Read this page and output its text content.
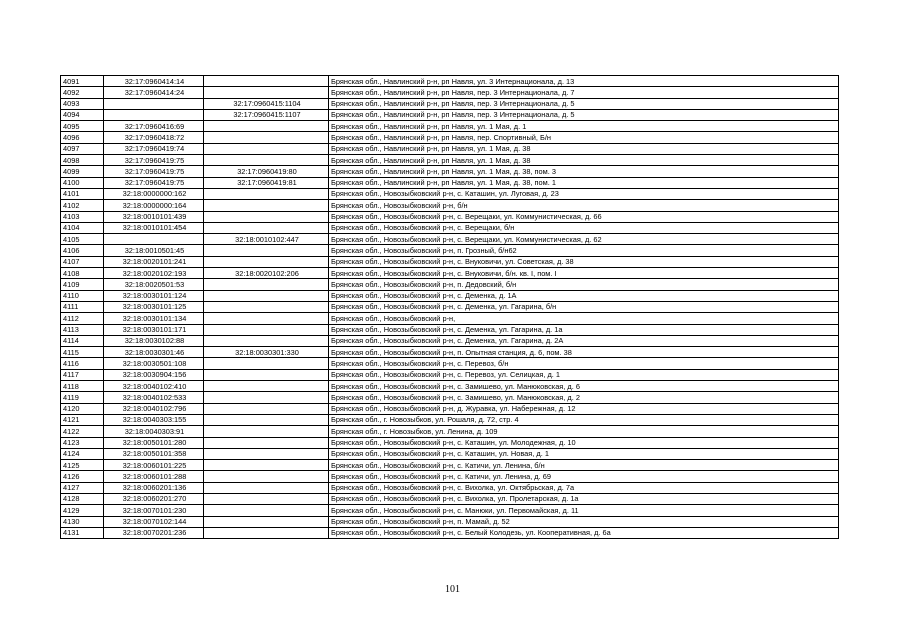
4091	32:17:0960414:14		Брянская обл., Навлинский р-н, рп Навля, ул. 3 Интернационала, д. 13
4092	32:17:0960414:24		Брянская обл., Навлинский р-н, рп Навля, пер. 3 Интернационала, д. 7
4093		32:17:0960415:1104	Брянская обл., Навлинский р-н, рп Навля, пер. 3 Интернационала, д. 5
4094		32:17:0960415:1107	Брянская обл., Навлинский р-н, рп Навля, пер. 3 Интернационала, д. 5
4095	32:17:0960416:69		Брянская обл., Навлинский р-н, рп Навля, ул. 1 Мая, д. 1
4096	32:17:0960418:72		Брянская обл., Навлинский р-н, рп Навля, пер. Спортивный, Б/н
4097	32:17:0960419:74		Брянская обл., Навлинский р-н, рп Навля, ул. 1 Мая, д. 38
4098	32:17:0960419:75		Брянская обл., Навлинский р-н, рп Навля, ул. 1 Мая, д. 38
4099	32:17:0960419:75	32:17:0960419:80	Брянская обл., Навлинский р-н, рп Навля, ул. 1 Мая, д. 38, пом. 3
4100	32:17:0960419:75	32:17:0960419:81	Брянская обл., Навлинский р-н, рп Навля, ул. 1 Мая, д. 38, пом. 1
4101	32:18:0000000:162		Брянская обл., Новозыбковский р-н, с. Каташин, ул. Луговая, д. 23
4102	32:18:0000000:164		Брянская обл., Новозыбковский р-н, б/н
4103	32:18:0010101:439		Брянская обл., Новозыбковский р-н, с. Верещаки, ул. Коммунистическая, д. 66
4104	32:18:0010101:454		Брянская обл., Новозыбковский р-н, с. Верещаки, б/н
4105		32:18:0010102:447	Брянская обл., Новозыбковский р-н, с. Верещаки, ул. Коммунистическая, д. 62
4106	32:18:0010501:45		Брянская обл., Новозыбковский р-н, п. Грозный, б/н62
4107	32:18:0020101:241		Брянская обл., Новозыбковский р-н, с. Внуковичи, ул. Советская, д. 38
4108	32:18:0020102:193	32:18:0020102:206	Брянская обл., Новозыбковский р-н, с. Внуковичи, б/н. кв. I, пом. I
4109	32:18:0020501:53		Брянская обл., Новозыбковский р-н, п. Дедовский, б/н
4110	32:18:0030101:124		Брянская обл., Новозыбковский р-н, с. Деменка, д. 1А
4111	32:18:0030101:125		Брянская обл., Новозыбковский р-н, с. Деменка, ул. Гагарина, б/н
4112	32:18:0030101:134		Брянская обл., Новозыбковский р-н,
4113	32:18:0030101:171		Брянская обл., Новозыбковский р-н, с. Деменка, ул. Гагарина, д. 1а
4114	32:18:0030102:88		Брянская обл., Новозыбковский р-н, с. Деменка, ул. Гагарина, д. 2А
4115	32:18:0030301:46	32:18:0030301:330	Брянская обл., Новозыбковский р-н, п. Опытная станция, д. 6, пом. 38
4116	32:18:0030501:108		Брянская обл., Новозыбковский р-н, с. Перевоз, б/н
4117	32:18:0030904:156		Брянская обл., Новозыбковский р-н, с. Перевоз, ул. Селицкая, д. 1
4118	32:18:0040102:410		Брянская обл., Новозыбковский р-н, с. Замишево, ул. Манюковская, д. 6
4119	32:18:0040102:533		Брянская обл., Новозыбковский р-н, с. Замишево, ул. Манюковская, д. 2
4120	32:18:0040102:796		Брянская обл., Новозыбковский р-н, д. Журавка, ул. Набережная, д. 12
4121	32:18:0040303:155		Брянская обл., г. Новозыбков, ул. Рошаля, д. 72, стр. 4
4122	32:18:0040303:91		Брянская обл., г. Новозыбков, ул. Ленина, д. 109
4123	32:18:0050101:280		Брянская обл., Новозыбковский р-н, с. Каташин, ул. Молодежная, д. 10
4124	32:18:0050101:358		Брянская обл., Новозыбковский р-н, с. Каташин, ул. Новая, д. 1
4125	32:18:0060101:225		Брянская обл., Новозыбковский р-н, с. Катичи, ул. Ленина, б/н
4126	32:18:0060101:288		Брянская обл., Новозыбковский р-н, с. Катичи, ул. Ленина, д. 69
4127	32:18:0060201:136		Брянская обл., Новозыбковский р-н, с. Вихолка, ул. Октябрьская, д. 7а
4128	32:18:0060201:270		Брянская обл., Новозыбковский р-н, с. Вихолка, ул. Пролетарская, д. 1а
4129	32:18:0070101:230		Брянская обл., Новозыбковский р-н, с. Манюки, ул. Первомайская, д. 11
4130	32:18:0070102:144		Брянская обл., Новозыбковский р-н, п. Мамай, д. 52
4131	32:18:0070201:236		Брянская обл., Новозыбковский р-н, с. Белый Колодезь, ул. Кооперативная, д. 6а
101
